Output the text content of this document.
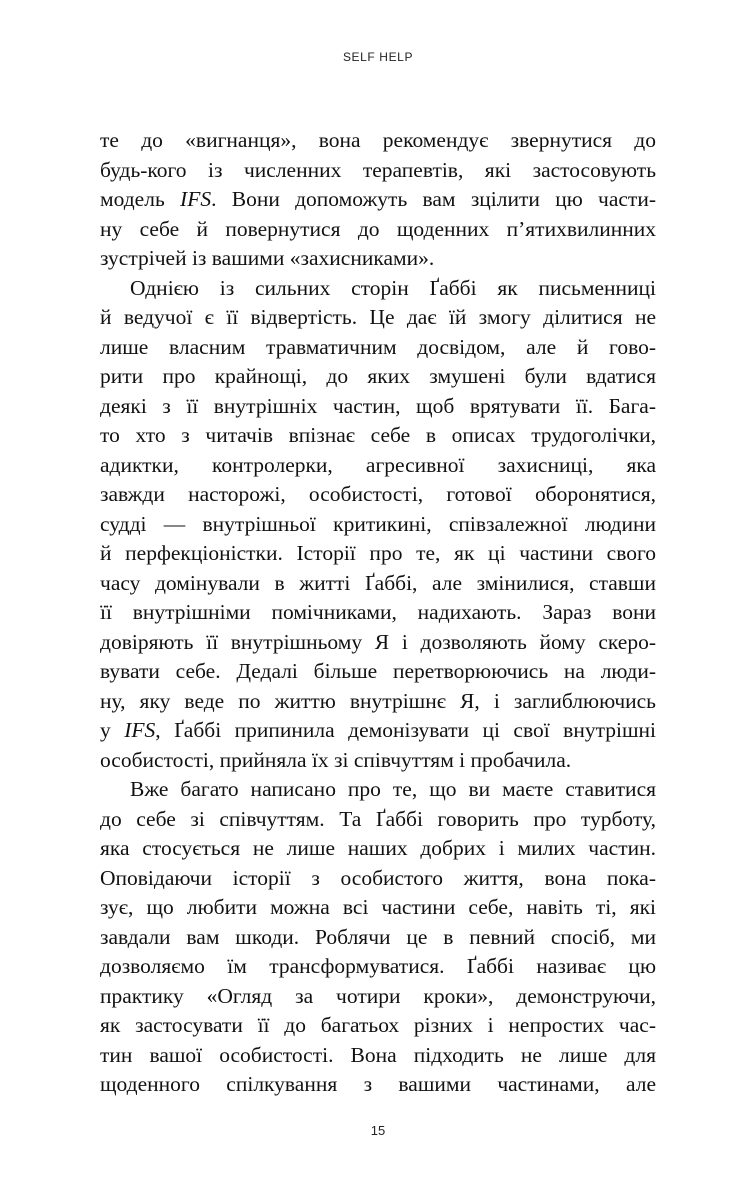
SELF HELP
те до «вигнанця», вона рекомендує звернутися до
будь-кого із численних терапевтів, які застосовують
модель IFS. Вони допоможуть вам зцілити цю части-
ну себе й повернутися до щоденних п’ятихвилинних
зустрічей із вашими «захисниками».
Однією із сильних сторін Ґаббі як письменниці
й ведучої є її відвертість. Це дає їй змогу ділитися не
лише власним травматичним досвідом, але й гово-
рити про крайнощі, до яких змушені були вдатися
деякі з її внутрішніх частин, щоб врятувати її. Бага-
то хто з читачів впізнає себе в описах трудоголічки,
адиктки, контролерки, агресивної захисниці, яка
завжди насторожі, особистості, готової оборонятися,
судді — внутрішньої критикині, співзалежної людини
й перфекціоністки. Історії про те, як ці частини свого
часу домінували в житті Ґаббі, але змінилися, ставши
її внутрішніми помічниками, надихають. Зараз вони
довіряють її внутрішньому Я і дозволяють йому скеро-
вувати себе. Дедалі більше перетворюючись на люди-
ну, яку веде по життю внутрішнє Я, і заглиблюючись
у IFS, Ґаббі припинила демонізувати ці свої внутрішні
особистості, прийняла їх зі співчуттям і пробачила.
Вже багато написано про те, що ви маєте ставитися
до себе зі співчуттям. Та Ґаббі говорить про турботу,
яка стосується не лише наших добрих і милих частин.
Оповідаючи історії з особистого життя, вона пока-
зує, що любити можна всі частини себе, навіть ті, які
завдали вам шкоди. Роблячи це в певний спосіб, ми
дозволяємо їм трансформуватися. Ґаббі називає цю
практику «Огляд за чотири кроки», демонструючи,
як застосувати її до багатьох різних і непростих час-
тин вашої особистості. Вона підходить не лише для
щоденного спілкування з вашими частинами, але
15
